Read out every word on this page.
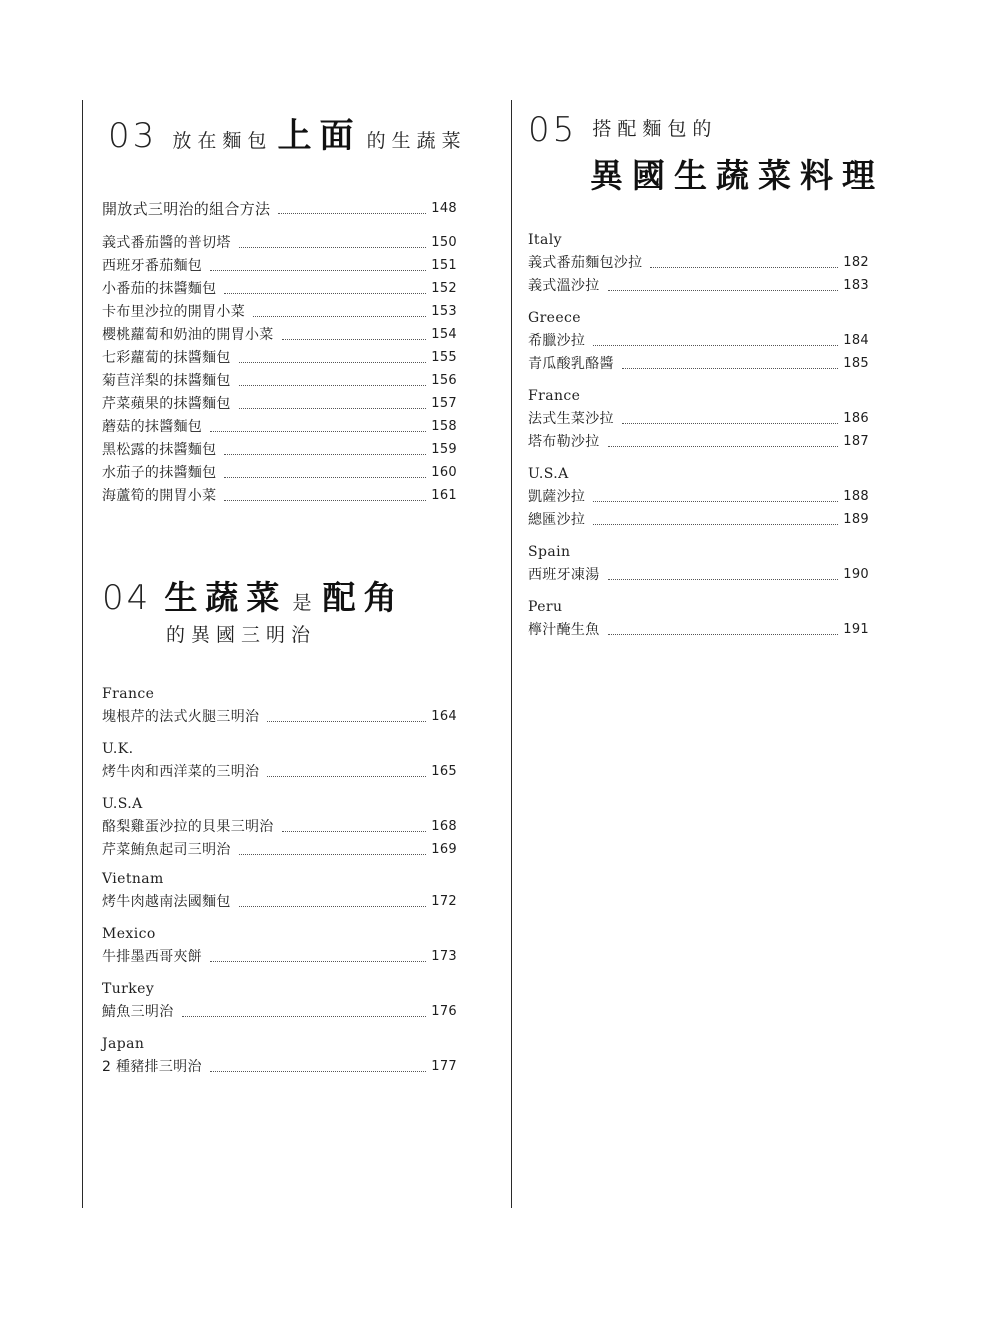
03 放在麵包 上面 的生蔬菜
開放式三明治的組合方法	148
義式番茄醬的普切塔	150
西班牙番茄麵包	151
小番茄的抹醬麵包	152
卡布里沙拉的開胃小菜	153
櫻桃蘿蔔和奶油的開胃小菜	154
七彩蘿蔔的抹醬麵包	155
菊苣洋梨的抹醬麵包	156
芹菜蘋果的抹醬麵包	157
蘑菇的抹醬麵包	158
黑松露的抹醬麵包	159
水茄子的抹醬麵包	160
海蘆筍的開胃小菜	161
04 生蔬菜 是 配角
的異國三明治
France
塊根芹的法式火腿三明治	164
U.K.
烤牛肉和西洋菜的三明治	165
U.S.A
酪梨雞蛋沙拉的貝果三明治	168
芹菜鮪魚起司三明治	169
Vietnam
烤牛肉越南法國麵包	172
Mexico
牛排墨西哥夾餅	173
Turkey
鯖魚三明治	176
Japan
2 種豬排三明治	177
05 搭配麵包的
異國生蔬菜料理
Italy
義式番茄麵包沙拉	182
義式溫沙拉	183
Greece
希臘沙拉	184
青瓜酸乳酪醬	185
France
法式生菜沙拉	186
塔布勒沙拉	187
U.S.A
凱薩沙拉	188
總匯沙拉	189
Spain
西班牙凍湯	190
Peru
檸汁醃生魚	191
